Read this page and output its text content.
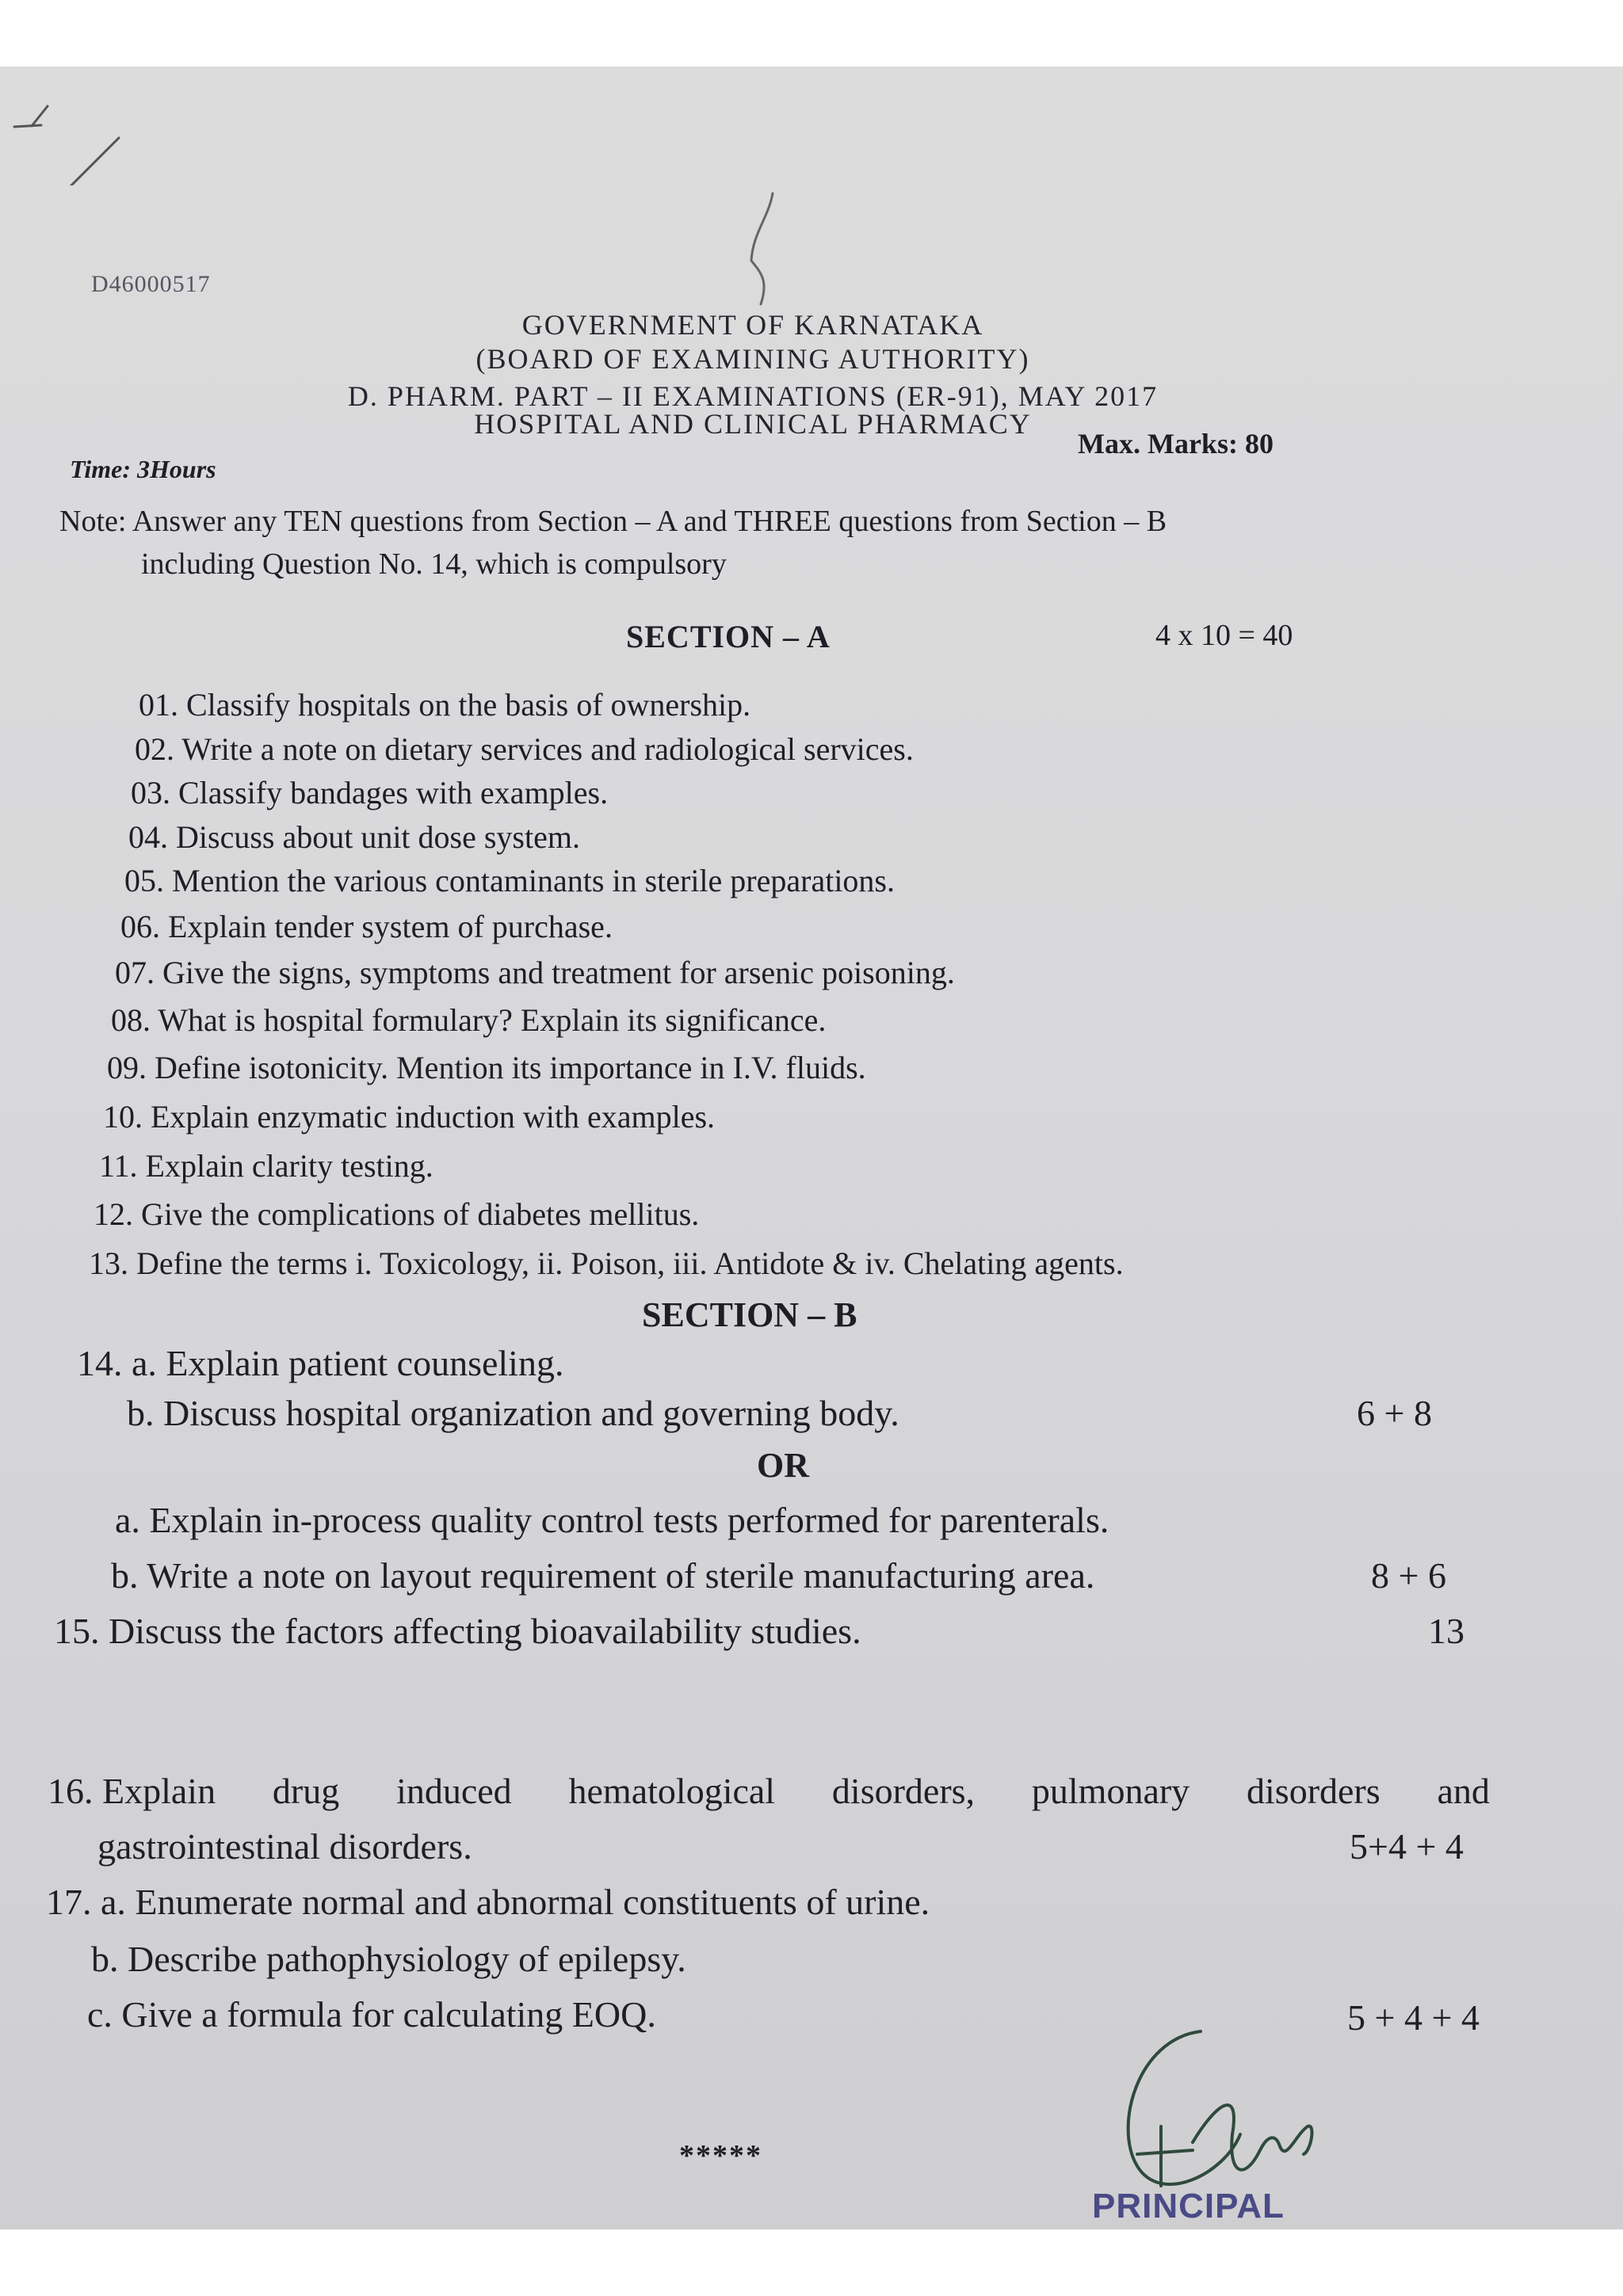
D46000517
GOVERNMENT OF KARNATAKA
(BOARD OF EXAMINING AUTHORITY)
D. PHARM. PART – II EXAMINATIONS (ER-91), MAY 2017
HOSPITAL AND CLINICAL PHARMACY
Time: 3Hours
Max. Marks: 80
Note: Answer any TEN questions from Section – A and THREE questions from Section – B
including Question No. 14, which is compulsory
SECTION – A	4 x 10 = 40
01. Classify hospitals on the basis of ownership.
02. Write a note on dietary services and radiological services.
03. Classify bandages with examples.
04. Discuss about unit dose system.
05. Mention the various contaminants in sterile preparations.
06. Explain tender system of purchase.
07. Give the signs, symptoms and treatment for arsenic poisoning.
08. What is hospital formulary? Explain its significance.
09. Define isotonicity. Mention its importance in I.V. fluids.
10. Explain enzymatic induction with examples.
11. Explain clarity testing.
12. Give the complications of diabetes mellitus.
13. Define the terms i. Toxicology, ii. Poison, iii. Antidote & iv. Chelating agents.
SECTION – B
14. a. Explain patient counseling.
b. Discuss hospital organization and governing body.	6 + 8
OR
a. Explain in-process quality control tests performed for parenterals.
b. Write a note on layout requirement of sterile manufacturing area.	8 + 6
15. Discuss the factors affecting bioavailability studies.	13
16. Explain drug induced hematological disorders, pulmonary disorders and
gastrointestinal disorders.	5+4 + 4
17. a. Enumerate normal and abnormal constituents of urine.
b. Describe pathophysiology of epilepsy.
c. Give a formula for calculating EOQ.	5 + 4 + 4
*****
PRINCIPAL
